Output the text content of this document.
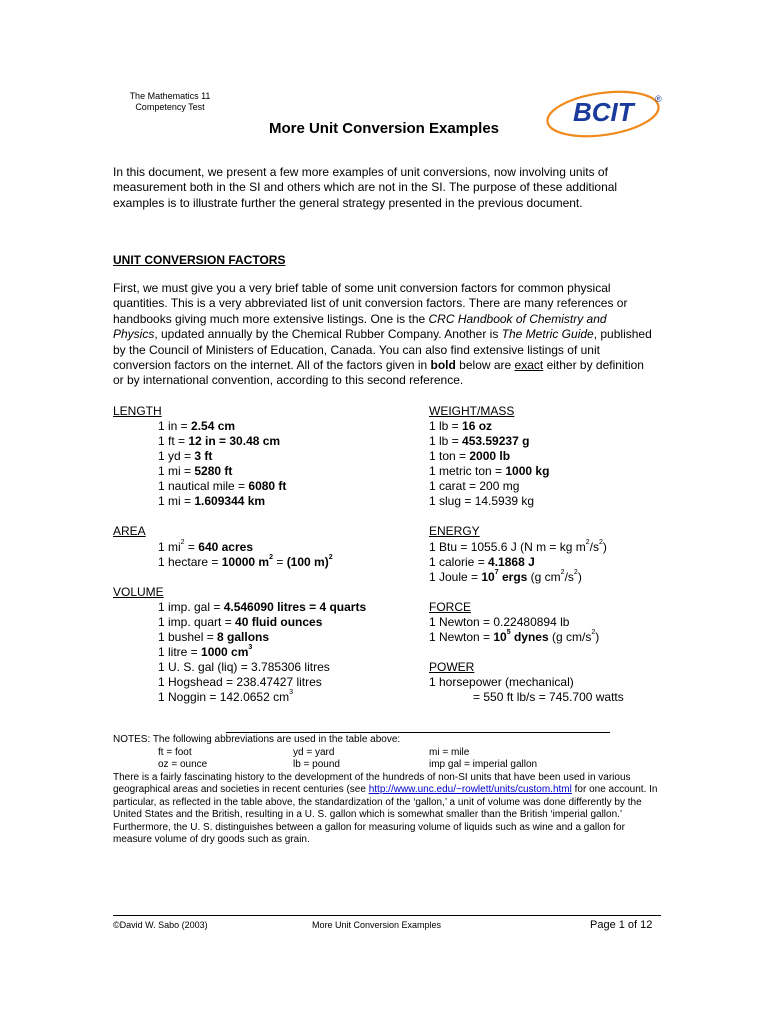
The Mathematics 11
Competency Test	BCIT ®
More Unit Conversion Examples
In this document, we present a few more examples of unit conversions, now involving units of measurement both in the SI and others which are not in the SI. The purpose of these additional examples is to illustrate further the general strategy presented in the previous document.
UNIT CONVERSION FACTORS
First, we must give you a very brief table of some unit conversion factors for common physical quantities. This is a very abbreviated list of unit conversion factors. There are many references or handbooks giving much more extensive listings. One is the CRC Handbook of Chemistry and Physics, updated annually by the Chemical Rubber Company. Another is The Metric Guide, published by the Council of Ministers of Education, Canada. You can also find extensive listings of unit conversion factors on the internet. All of the factors given in bold below are exact either by definition or by international convention, according to this second reference.
LENGTH
1 in = 2.54 cm
1 ft = 12 in = 30.48 cm
1 yd = 3 ft
1 mi = 5280 ft
1 nautical mile = 6080 ft
1 mi = 1.609344 km
WEIGHT/MASS
1 lb = 16 oz
1 lb = 453.59237 g
1 ton = 2000 lb
1 metric ton = 1000 kg
1 carat = 200 mg
1 slug = 14.5939 kg
AREA
1 $mi^2 = 640$ acres
1 hectare = 10000 $m^2 = (100$ m)$^2$
ENERGY
1 Btu = 1055.6 J (N m = kg $m^2/s^2$)
1 calorie = 4.1868 J
1 Joule = $10^7$ ergs (g $cm^2/s^2$)
VOLUME
1 imp. gal = 4.546090 litres = 4 quarts
1 imp. quart = 40 fluid ounces
1 bushel = 8 gallons
1 litre = 1000 $cm^3$
1 U. S. gal (liq) = 3.785306 litres
1 Hogshead = 238.47427 litres
1 Noggin = 142.0652 $cm^3$
FORCE
1 Newton = 0.22480894 lb
1 Newton = $10^5$ dynes (g $cm/s^2$)
POWER
1 horsepower (mechanical)
= 550 ft lb/s = 745.700 watts
NOTES: The following abbreviations are used in the table above:
ft = foot	yd = yard	mi = mile
oz = ounce	lb = pound	imp gal = imperial gallon
There is a fairly fascinating history to the development of the hundreds of non-SI units that have been used in various geographical areas and societies in recent centuries (see http://www.unc.edu/~rowlett/units/custom.html for one account. In particular, as reflected in the table above, the standardization of the ‘gallon,’ a unit of volume was done differently by the United States and the British, resulting in a U. S. gallon which is somewhat smaller than the British ‘imperial gallon.’ Furthermore, the U. S. distinguishes between a gallon for measuring volume of liquids such as wine and a gallon for measure volume of dry goods such as grain.
©David W. Sabo (2003)	More Unit Conversion Examples	Page 1 of 12
